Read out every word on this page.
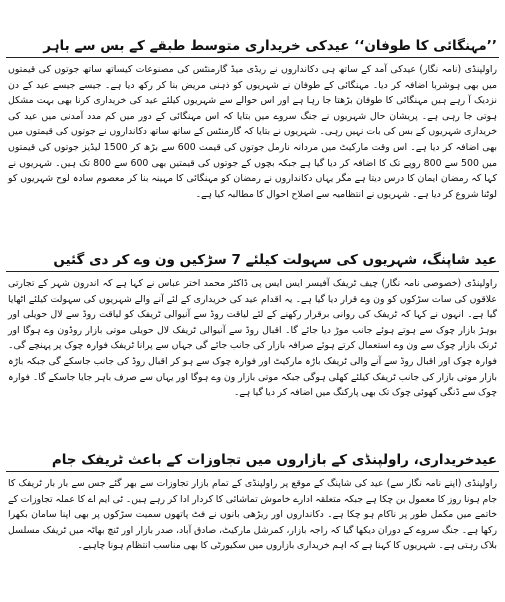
’’مہنگائی کا طوفان‘‘ عیدکی خریداری متوسط طبقے کے بس سے باہر

راولپنڈی (نامہ نگار) عیدکی آمد کے ساتھ ہی دکانداروں نے ریڈی میڈ گارمنٹس کی مصنوعات کیساتھ ساتھ جوتوں کی قیمتوں میں بھی ہوشربا اضافہ کر دیا۔ مہنگائی کے طوفان نے شہریوں کو ذہنی مریض بنا کر رکھ دیا ہے۔ جیسے جیسے عید کے دن نزدیک آ رہے ہیں مہنگائی کا طوفان بڑھتا جا رہا ہے اور اس حوالے سے شہریوں کیلئے عید کی خریداری کرنا بھی بہت مشکل ہوتی جا رہی ہے۔ پریشان حال شہریوں نے جنگ سروے میں بتایا کہ اس مہنگائی کے دور میں کم مدد آمدنی میں عید کی خریداری شہریوں کے بس کی بات نہیں رہی۔ شہریوں نے بتایا کہ گارمنٹس کے ساتھ ساتھ دکانداروں نے جوتوں کی قیمتوں میں بھی اضافہ کر دیا ہے۔ اس وقت مارکیٹ میں مردانہ نارمل جوتوں کی قیمت 600 سے بڑھ کر 1500 لیڈیز جوتوں کی قیمتوں میں 500 سے 800 روپے تک کا اضافہ کر دیا گیا ہے جبکہ بچوں کے جوتوں کی قیمتیں بھی 600 سے 800 تک ہیں۔ شہریوں نے کہا کہ رمضان ایمان کا درس دیتا ہے مگر یہاں دکانداروں نے رمضان کو مہنگائی کا مہینہ بنا کر معصوم سادہ لوح شہریوں کو لوٹنا شروع کر دیا ہے۔ شہریوں نے انتظامیہ سے اصلاح احوال کا مطالبہ کیا ہے۔

عید شاپنگ، شہریوں کی سہولت کیلئے 7 سڑکیں ون وے کر دی گئیں

راولپنڈی (خصوصی نامہ نگار) چیف ٹریفک آفیسر ایس ایس پی ڈاکٹر محمد اختر عباس نے کہا ہے کہ اندرون شہر کے تجارتی علاقوں کی سات سڑکوں کو ون وے قرار دیا گیا ہے۔ یہ اقدام عید کی خریداری کے لئے آنے والے شہریوں کی سہولت کیلئے اٹھایا گیا ہے۔ انہوں نے کہا کہ ٹریفک کی روانی برقرار رکھنے کے لئے لیاقت روڈ سے آنیوالی ٹریفک کو لیاقت روڈ سے لال حویلی اور بوہڑ بازار چوک سے ہوتے ہوئے جانب موڑ دیا جائے گا۔ اقبال روڈ سے آنیوالی ٹریفک لال حویلی موتی بازار روڈون وے ہوگا اور ٹرنک بازار چوک سے ون وے استعمال کرتے ہوئے صرافہ بازار کی جانب جائے گی جہاں سے پرانا ٹریفک فوارہ چوک پر پہنچے گی۔ فوارہ چوک اور اقبال روڈ سے آنے والی ٹریفک باڑہ مارکیٹ اور فوارہ چوک سے ہو کر اقبال روڈ کی جانب جاسکے گی جبکہ باڑہ بازار موتی بازار کی جانب ٹریفک کیلئے کھلی ہوگی جبکہ موتی بازار ون وے ہوگا اور یہاں سے صرف باہر جایا جاسکے گا۔ فوارہ چوک سے ڈنگی کھوئی چوک تک بھی پارکنگ میں اضافہ کر دیا گیا ہے۔

عیدخریداری، راولپنڈی کے بازاروں میں تجاوزات کے باعث ٹریفک جام

راولپنڈی (اپنے نامہ نگار سے) عید کی شاپنگ کے موقع پر راولپنڈی کے تمام بازار تجاوزات سے بھر گئے جس سے بار بار ٹریفک کا جام ہونا روز کا معمول بن چکا ہے جبکہ متعلقہ ادارے خاموش تماشائی کا کردار ادا کر رہے ہیں۔ ٹی ایم اے کا عملہ تجاوزات کے خاتمے میں مکمل طور پر ناکام ہو چکا ہے۔ دکانداروں اور ریڑھی بانوں نے فٹ پاتھوں سمیت سڑکوں پر بھی اپنا سامان بکھرا رکھا ہے۔ جنگ سروے کے دوران دیکھا گیا کہ راجہ بازار، کمرشل مارکیٹ، صادق آباد، صدر بازار اور ٹنچ بھاٹہ میں ٹریفک مسلسل بلاک رہتی ہے۔ شہریوں کا کہنا ہے کہ اہم خریداری بازاروں میں سکیورٹی کا بھی مناسب انتظام ہونا چاہیے۔
